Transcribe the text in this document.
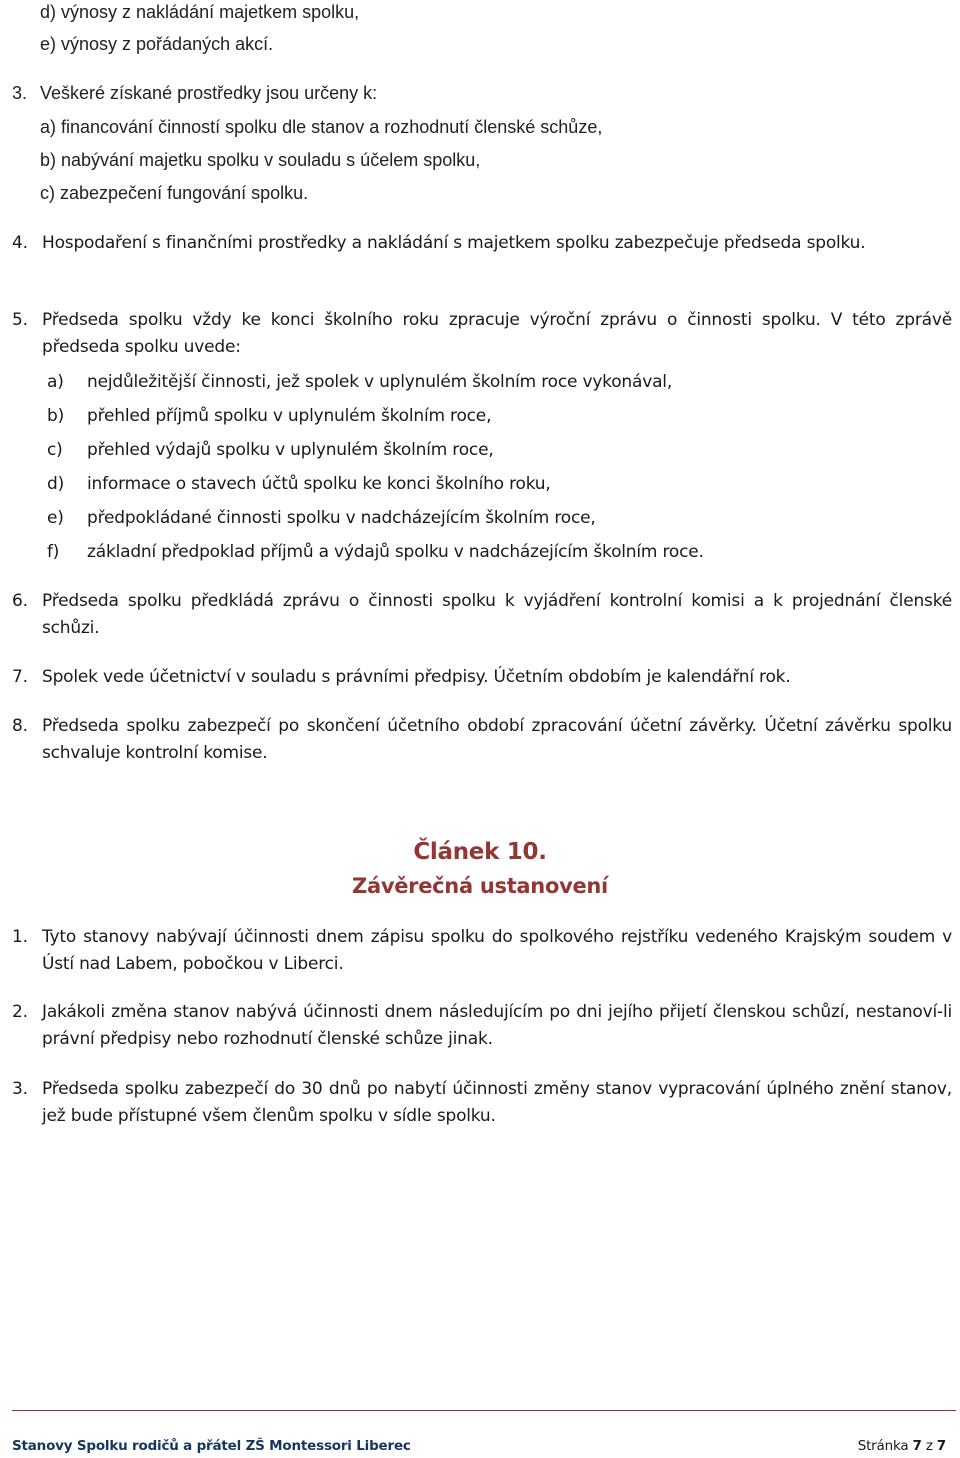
d) výnosy z nakládání majetkem spolku,
e) výnosy z pořádaných akcí.
3. Veškeré získané prostředky jsou určeny k:
a) financování činností spolku dle stanov a rozhodnutí členské schůze,
b) nabývání majetku spolku v souladu s účelem spolku,
c) zabezpečení fungování spolku.
4. Hospodaření s finančními prostředky a nakládání s majetkem spolku zabezpečuje předseda spolku.
5. Předseda spolku vždy ke konci školního roku zpracuje výroční zprávu o činnosti spolku. V této zprávě předseda spolku uvede:
a) nejdůležitější činnosti, jež spolek v uplynulém školním roce vykonával,
b) přehled příjmů spolku v uplynulém školním roce,
c) přehled výdajů spolku v uplynulém školním roce,
d) informace o stavech účtů spolku ke konci školního roku,
e) předpokládané činnosti spolku v nadcházejícím školním roce,
f) základní předpoklad příjmů a výdajů spolku v nadcházejícím školním roce.
6. Předseda spolku předkládá zprávu o činnosti spolku k vyjádření kontrolní komisi a k projednání členské schůzi.
7. Spolek vede účetnictví v souladu s právními předpisy. Účetním obdobím je kalendářní rok.
8. Předseda spolku zabezpečí po skončení účetního období zpracování účetní závěrky. Účetní závěrku spolku schvaluje kontrolní komise.
Článek 10.
Závěrečná ustanovení
1. Tyto stanovy nabývají účinnosti dnem zápisu spolku do spolkového rejstříku vedeného Krajským soudem v Ústí nad Labem, pobočkou v Liberci.
2. Jakákoli změna stanov nabývá účinnosti dnem následujícím po dni jejího přijetí členskou schůzí, nestanoví-li právní předpisy nebo rozhodnutí členské schůze jinak.
3. Předseda spolku zabezpečí do 30 dnů po nabytí účinnosti změny stanov vypracování úplného znění stanov, jež bude přístupné všem členům spolku v sídle spolku.
Stanovy Spolku rodičů a přátel ZŠ Montessori Liberec	Stránka 7 z 7
